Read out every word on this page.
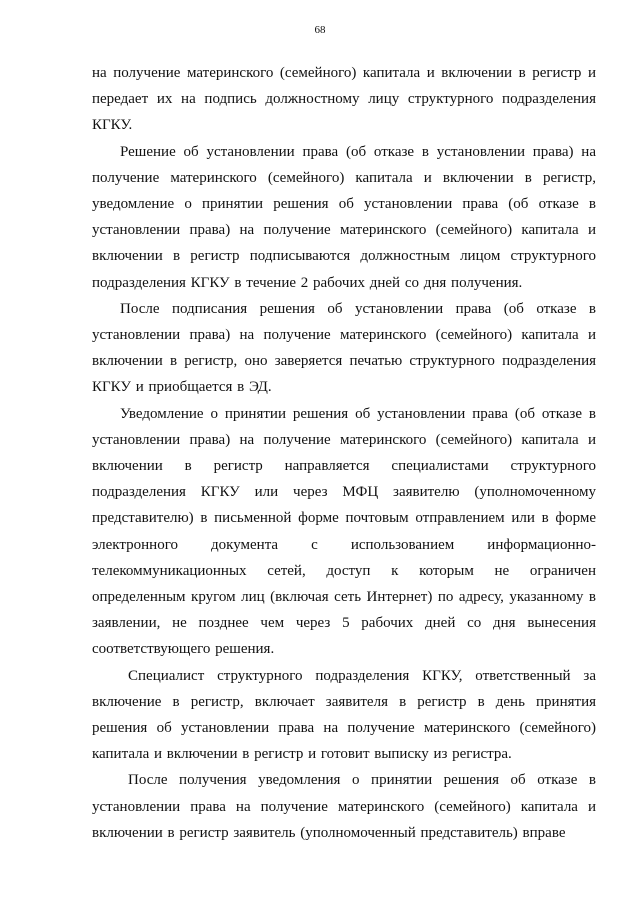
68

на получение материнского (семейного) капитала и включении в регистр и передает их на подпись должностному лицу структурного подразделения КГКУ.

Решение об установлении права (об отказе в установлении права) на получение материнского (семейного) капитала и включении в регистр, уведомление о принятии решения об установлении права (об отказе в установлении права) на получение материнского (семейного) капитала и включении в регистр подписываются должностным лицом структурного подразделения КГКУ в течение 2 рабочих дней со дня получения.

После подписания решения об установлении права (об отказе в установлении права) на получение материнского (семейного) капитала и включении в регистр, оно заверяется печатью структурного подразделения КГКУ и приобщается в ЭД.

Уведомление о принятии решения об установлении права (об отказе в установлении права) на получение материнского (семейного) капитала и включении в регистр направляется специалистами структурного подразделения КГКУ или через МФЦ заявителю (уполномоченному представителю) в письменной форме почтовым отправлением или в форме электронного документа с использованием информационно-телекоммуникационных сетей, доступ к которым не ограничен определенным кругом лиц (включая сеть Интернет) по адресу, указанному в заявлении, не позднее чем через 5 рабочих дней со дня вынесения соответствующего решения.

Специалист структурного подразделения КГКУ, ответственный за включение в регистр, включает заявителя в регистр в день принятия решения об установлении права на получение материнского (семейного) капитала и включении в регистр и готовит выписку из регистра.

После получения уведомления о принятии решения об отказе в установлении права на получение материнского (семейного) капитала и включении в регистр заявитель (уполномоченный представитель) вправе
